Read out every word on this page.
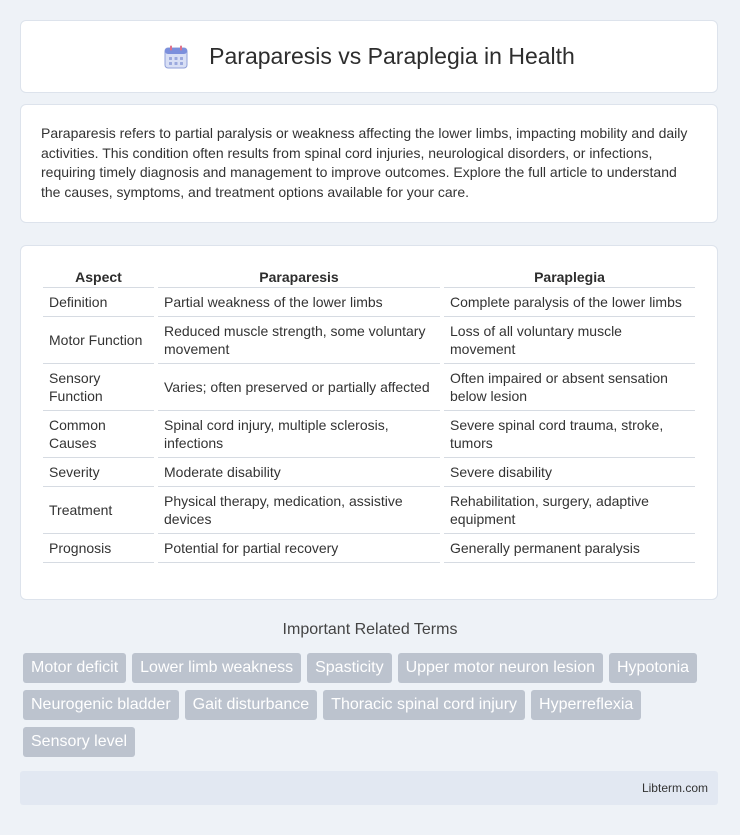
Paraparesis vs Paraplegia in Health

Paraparesis refers to partial paralysis or weakness affecting the lower limbs, impacting mobility and daily activities. This condition often results from spinal cord injuries, neurological disorders, or infections, requiring timely diagnosis and management to improve outcomes. Explore the full article to understand the causes, symptoms, and treatment options available for your care.

Aspect	Paraparesis	Paraplegia
Definition	Partial weakness of the lower limbs	Complete paralysis of the lower limbs
Motor Function	Reduced muscle strength, some voluntary movement	Loss of all voluntary muscle movement
Sensory Function	Varies; often preserved or partially affected	Often impaired or absent sensation below lesion
Common Causes	Spinal cord injury, multiple sclerosis, infections	Severe spinal cord trauma, stroke, tumors
Severity	Moderate disability	Severe disability
Treatment	Physical therapy, medication, assistive devices	Rehabilitation, surgery, adaptive equipment
Prognosis	Potential for partial recovery	Generally permanent paralysis
Important Related Terms
Motor deficit	Lower limb weakness	Spasticity	Upper motor neuron lesion	Hypotonia
Neurogenic bladder	Gait disturbance	Thoracic spinal cord injury	Hyperreflexia
Sensory level
Libterm.com
